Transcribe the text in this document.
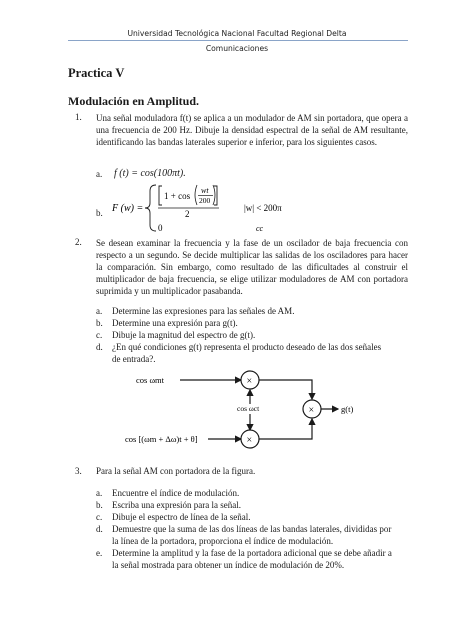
Universidad Tecnológica Nacional Facultad Regional Delta
Comunicaciones
Practica V
Modulación en Amplitud.
1. Una señal moduladora f(t) se aplica a un modulador de AM sin portadora, que opera a una frecuencia de 200 Hz. Dibuje la densidad espectral de la señal de AM resultante, identificando las bandas laterales superior e inferior, para los siguientes casos.

a. f (t) = cos(100πt).
b. F (w) =
1 + cos
wt
200
2
|w| < 200π
0	cc
2. Se desean examinar la frecuencia y la fase de un oscilador de baja frecuencia con respecto a un segundo. Se decide multiplicar las salidas de los osciladores para hacer la comparación. Sin embargo, como resultado de las dificultades al construir el multiplicador de baja frecuencia, se elige utilizar moduladores de AM con portadora suprimida y un multiplicador pasabanda.

a. Determine las expresiones para las señales de AM.
b. Determine una expresión para g(t).
c. Dibuje la magnitud del espectro de g(t).
d. ¿En qué condiciones g(t) representa el producto deseado de las dos señales
de entrada?.
cos ωmt	×
cos ωct
cos [(ωm + Δω)t + θ]	×
×	g(t)
3. Para la señal AM con portadora de la figura.
a. Encuentre el índice de modulación.
b. Escriba una expresión para la señal.
c. Dibuje el espectro de línea de la señal.
d. Demuestre que la suma de las dos líneas de las bandas laterales, divididas por
la línea de la portadora, proporciona el índice de modulación.
e. Determine la amplitud y la fase de la portadora adicional que se debe añadir a
la señal mostrada para obtener un índice de modulación de 20%.
